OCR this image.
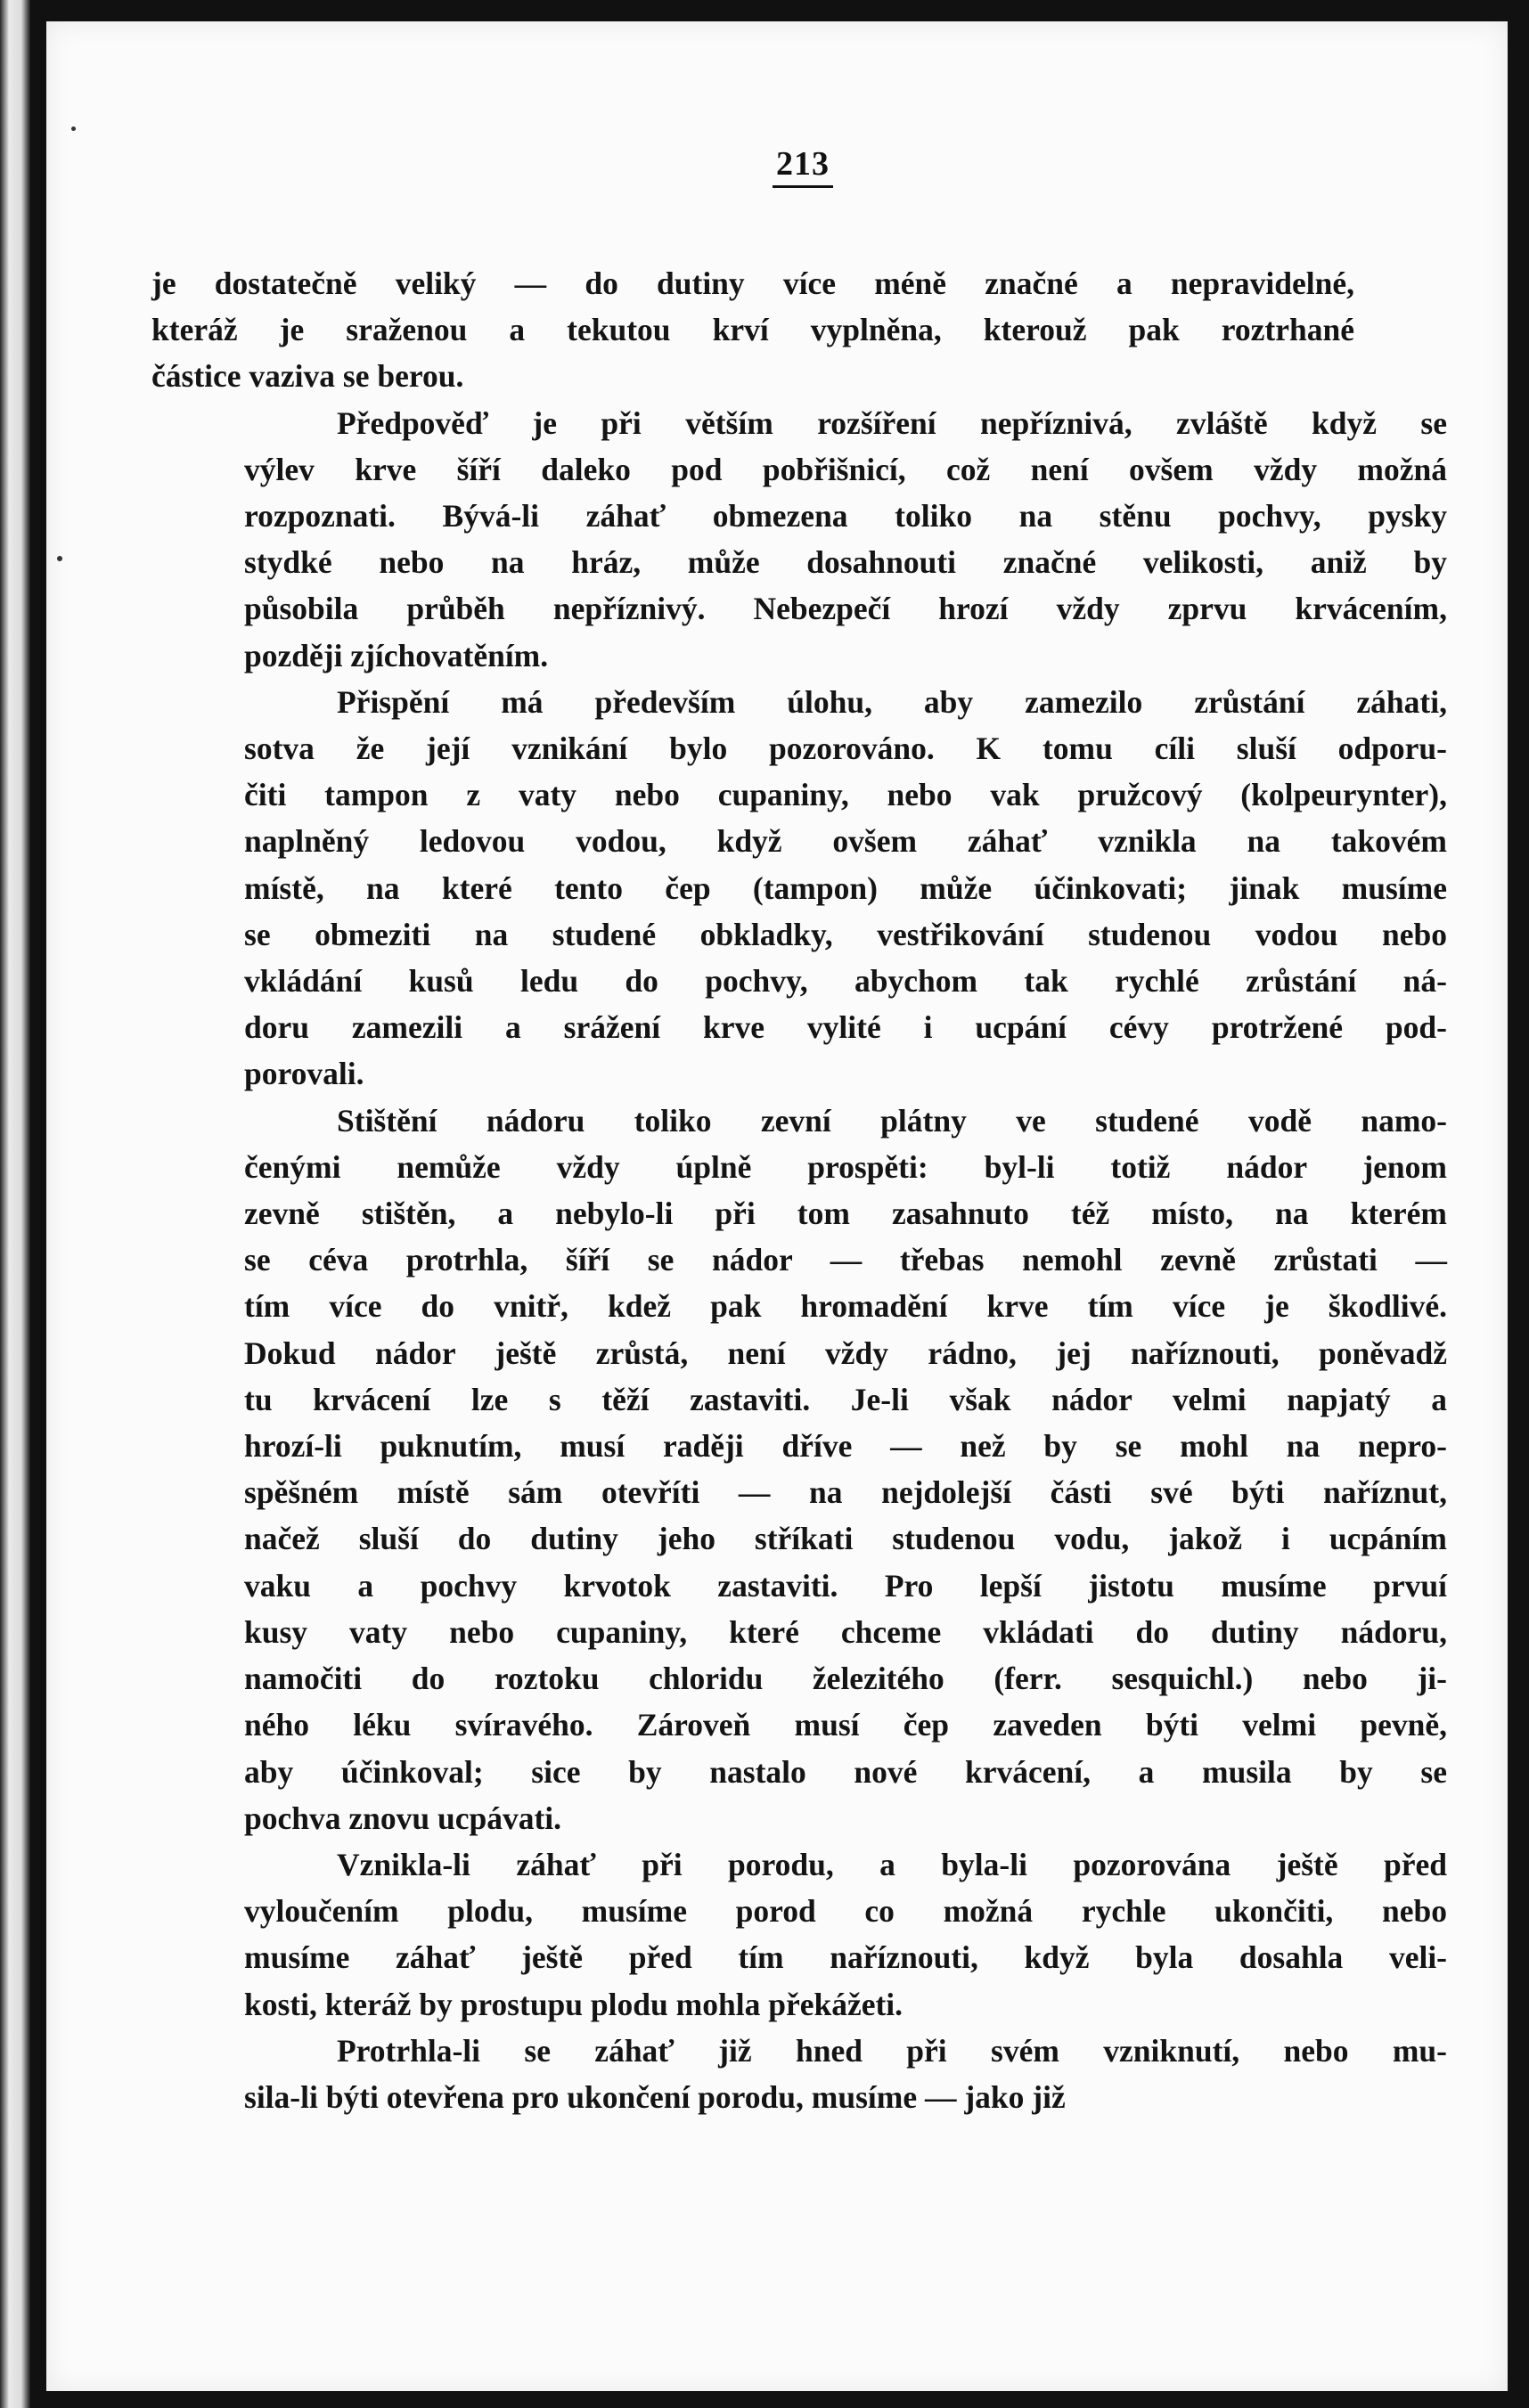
213
je dostatečně veliký — do dutiny více méně značné a nepravidelné,
kteráž je sraženou a tekutou krví vyplněna, kterouž pak roztrhané
částice vaziva se berou.
Předpověď je při větším rozšíření nepříznivá, zvláště když se
výlev krve šíří daleko pod pobřišnicí, což není ovšem vždy možná
rozpoznati. Bývá-li záhať obmezena toliko na stěnu pochvy, pysky
stydké nebo na hráz, může dosahnouti značné velikosti, aniž by
působila průběh nepříznivý. Nebezpečí hrozí vždy zprvu krvácením,
později zjíchovatěním.
Přispění má především úlohu, aby zamezilo zrůstání záhati,
sotva že její vznikání bylo pozorováno. K tomu cíli sluší odporu-
čiti tampon z vaty nebo cupaniny, nebo vak pružcový (kolpeurynter),
naplněný ledovou vodou, když ovšem záhať vznikla na takovém
místě, na které tento čep (tampon) může účinkovati; jinak musíme
se obmeziti na studené obkladky, vestřikování studenou vodou nebo
vkládání kusů ledu do pochvy, abychom tak rychlé zrůstání ná-
doru zamezili a srážení krve vylité i ucpání cévy protržené pod-
porovali.
Stištění nádoru toliko zevní plátny ve studené vodě namo-
čenými nemůže vždy úplně prospěti: byl-li totiž nádor jenom
zevně stištěn, a nebylo-li při tom zasahnuto též místo, na kterém
se céva protrhla, šíří se nádor — třebas nemohl zevně zrůstati —
tím více do vnitř, kdež pak hromadění krve tím více je škodlivé.
Dokud nádor ještě zrůstá, není vždy rádno, jej naříznouti, poněvadž
tu krvácení lze s těží zastaviti. Je-li však nádor velmi napjatý a
hrozí-li puknutím, musí raději dříve — než by se mohl na nepro-
spěšném místě sám otevříti — na nejdolejší části své býti naříznut,
načež sluší do dutiny jeho stříkati studenou vodu, jakož i ucpáním
vaku a pochvy krvotok zastaviti. Pro lepší jistotu musíme prvuí
kusy vaty nebo cupaniny, které chceme vkládati do dutiny nádoru,
namočiti do roztoku chloridu železitého (ferr. sesquichl.) nebo ji-
ného léku svíravého. Zároveň musí čep zaveden býti velmi pevně,
aby účinkoval; sice by nastalo nové krvácení, a musila by se
pochva znovu ucpávati.
Vznikla-li záhať při porodu, a byla-li pozorována ještě před
vyloučením plodu, musíme porod co možná rychle ukončiti, nebo
musíme záhať ještě před tím naříznouti, když byla dosahla veli-
kosti, kteráž by prostupu plodu mohla překážeti.
Protrhla-li se záhať již hned při svém vzniknutí, nebo mu-
sila-li býti otevřena pro ukončení porodu, musíme — jako již
